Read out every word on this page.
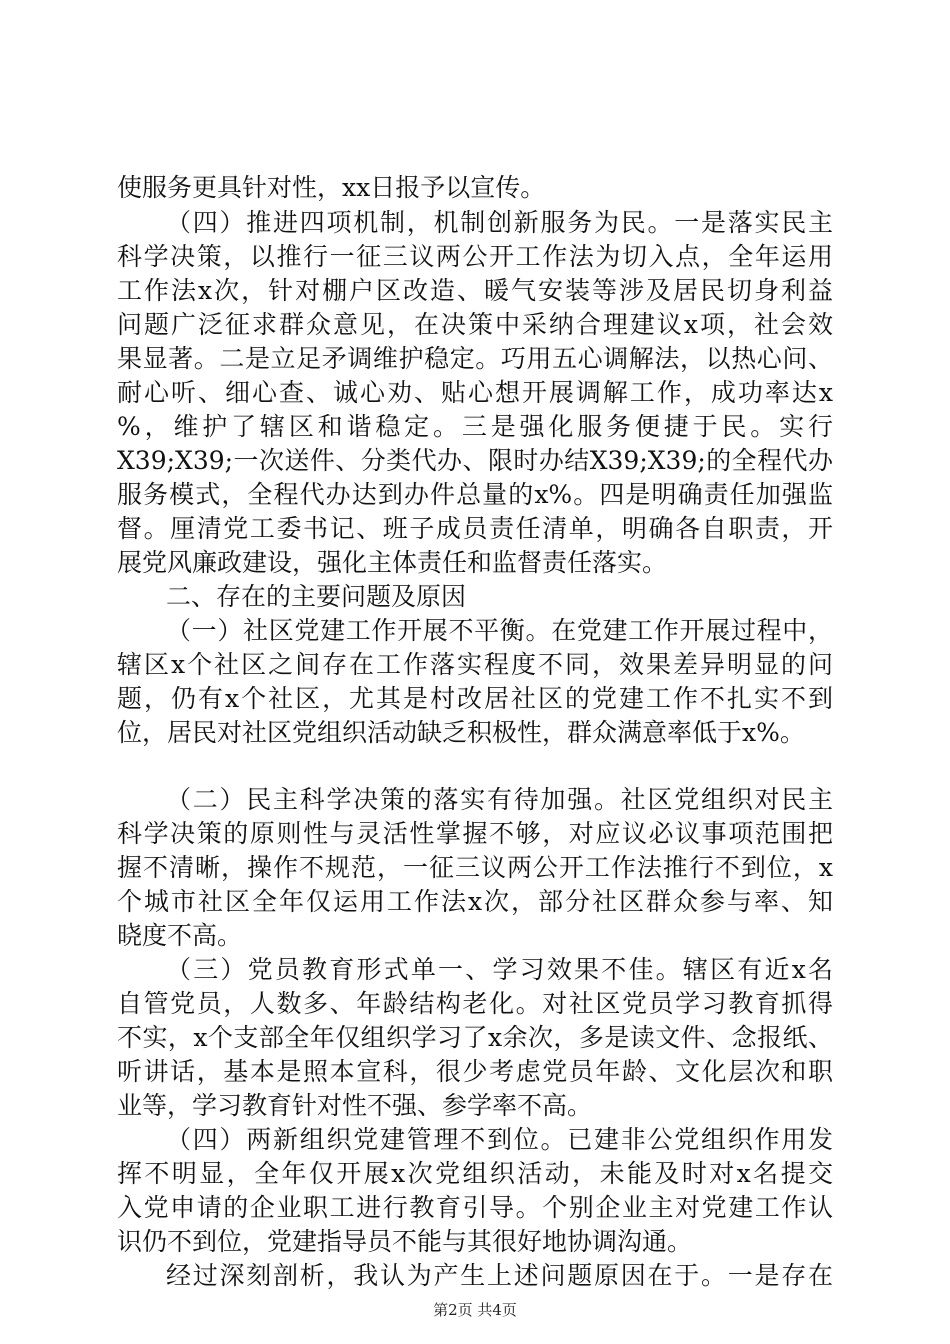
使服务更具针对性，xx日报予以宣传。
（四）推进四项机制，机制创新服务为民。一是落实民主
科学决策，以推行一征三议两公开工作法为切入点，全年运用
工作法x次，针对棚户区改造、暖气安装等涉及居民切身利益
问题广泛征求群众意见，在决策中采纳合理建议x项，社会效
果显著。二是立足矛调维护稳定。巧用五心调解法，以热心问、
耐心听、细心查、诚心劝、贴心想开展调解工作，成功率达x
%，维护了辖区和谐稳定。三是强化服务便捷于民。实行
X39;X39;一次送件、分类代办、限时办结X39;X39;的全程代办
服务模式，全程代办达到办件总量的x%。四是明确责任加强监
督。厘清党工委书记、班子成员责任清单，明确各自职责，开
展党风廉政建设，强化主体责任和监督责任落实。
二、存在的主要问题及原因
（一）社区党建工作开展不平衡。在党建工作开展过程中，
辖区x个社区之间存在工作落实程度不同，效果差异明显的问
题，仍有x个社区，尤其是村改居社区的党建工作不扎实不到
位，居民对社区党组织活动缺乏积极性，群众满意率低于x%。
（二）民主科学决策的落实有待加强。社区党组织对民主
科学决策的原则性与灵活性掌握不够，对应议必议事项范围把
握不清晰，操作不规范，一征三议两公开工作法推行不到位，x
个城市社区全年仅运用工作法x次，部分社区群众参与率、知
晓度不高。
（三）党员教育形式单一、学习效果不佳。辖区有近x名
自管党员，人数多、年龄结构老化。对社区党员学习教育抓得
不实，x个支部全年仅组织学习了x余次，多是读文件、念报纸、
听讲话，基本是照本宣科，很少考虑党员年龄、文化层次和职
业等，学习教育针对性不强、参学率不高。
（四）两新组织党建管理不到位。已建非公党组织作用发
挥不明显，全年仅开展x次党组织活动，未能及时对x名提交
入党申请的企业职工进行教育引导。个别企业主对党建工作认
识仍不到位，党建指导员不能与其很好地协调沟通。
经过深刻剖析，我认为产生上述问题原因在于。一是存在
第2页 共4页
